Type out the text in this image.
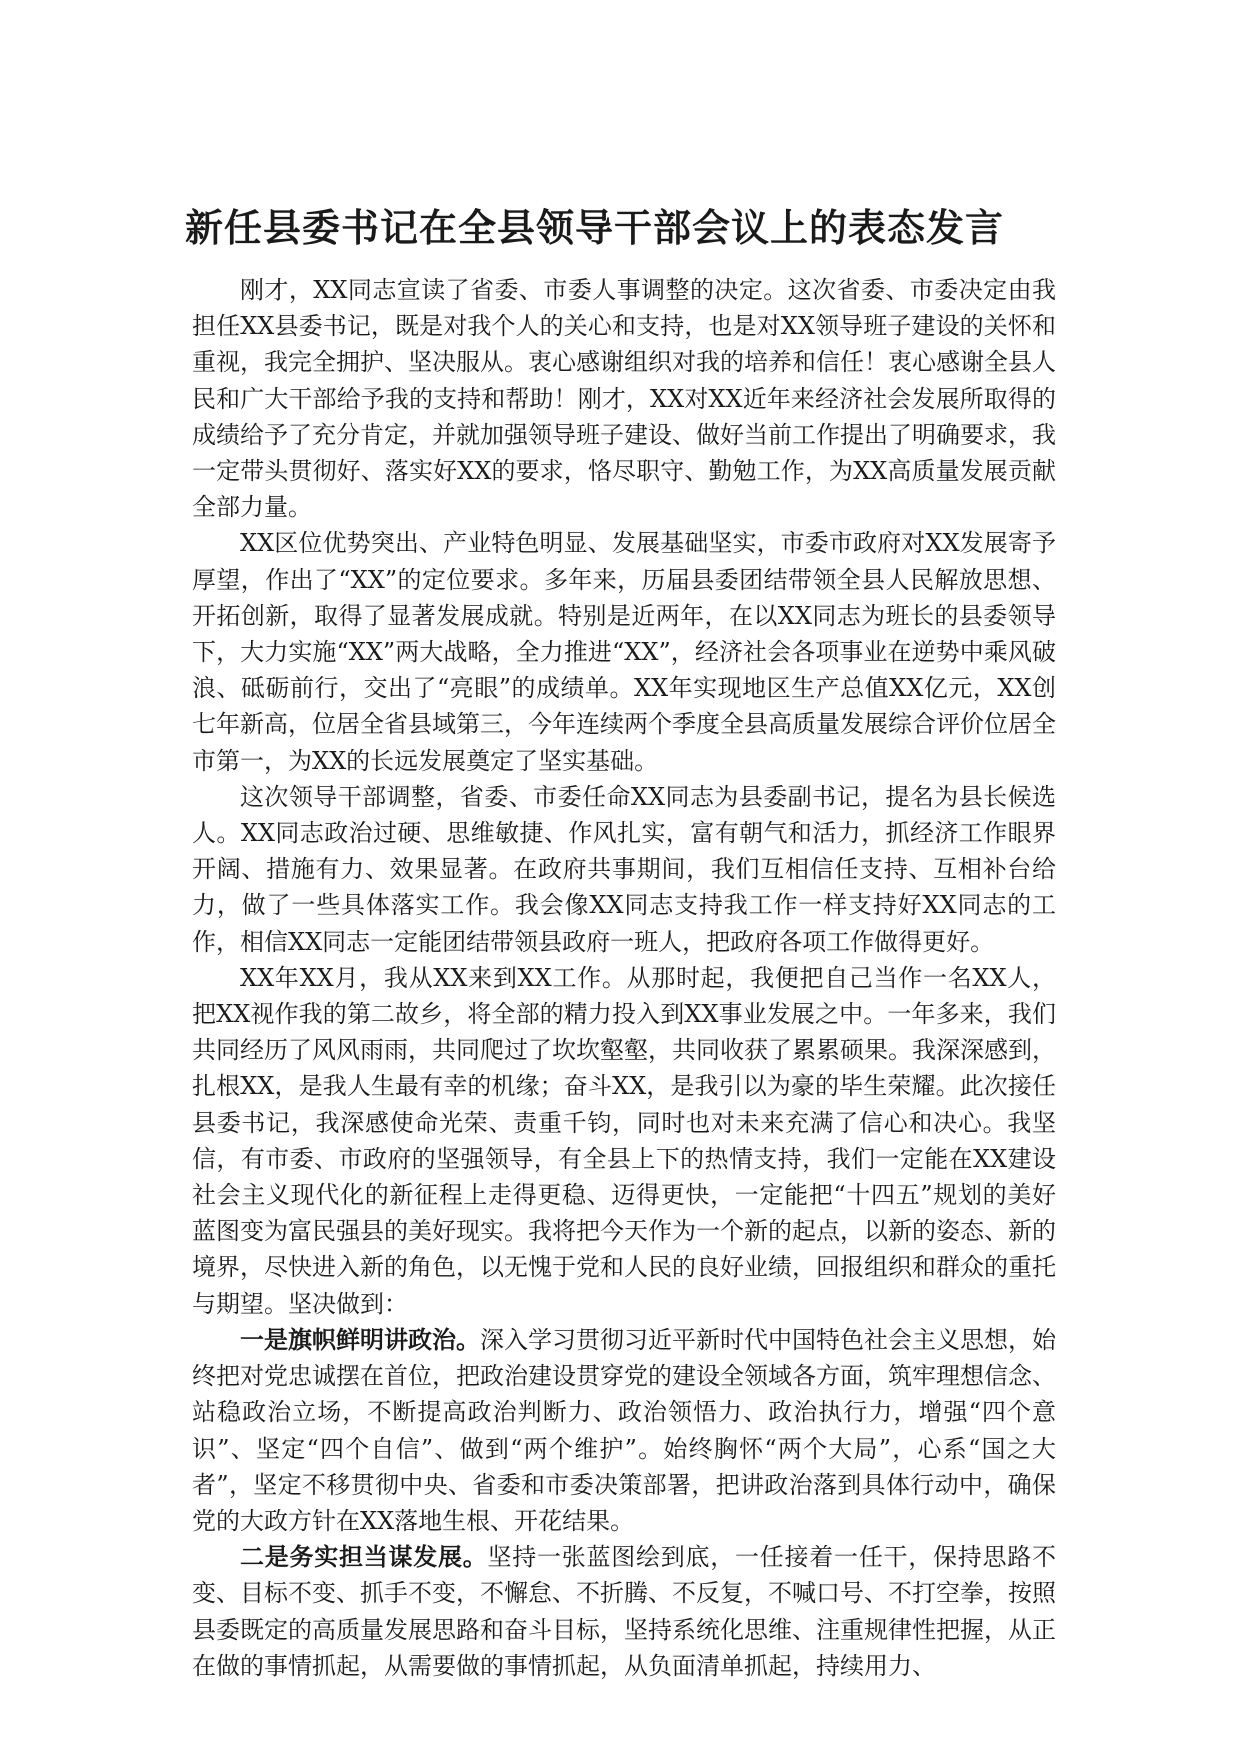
新任县委书记在全县领导干部会议上的表态发言

刚才，XX同志宣读了省委、市委人事调整的决定。这次省委、市委决定由我担任XX县委书记，既是对我个人的关心和支持，也是对XX领导班子建设的关怀和重视，我完全拥护、坚决服从。衷心感谢组织对我的培养和信任！衷心感谢全县人民和广大干部给予我的支持和帮助！刚才，XX对XX近年来经济社会发展所取得的成绩给予了充分肯定，并就加强领导班子建设、做好当前工作提出了明确要求，我一定带头贯彻好、落实好XX的要求，恪尽职守、勤勉工作，为XX高质量发展贡献全部力量。

XX区位优势突出、产业特色明显、发展基础坚实，市委市政府对XX发展寄予厚望，作出了“XX”的定位要求。多年来，历届县委团结带领全县人民解放思想、开拓创新，取得了显著发展成就。特别是近两年，在以XX同志为班长的县委领导下，大力实施“XX”两大战略，全力推进“XX”，经济社会各项事业在逆势中乘风破浪、砥砺前行，交出了“亮眼”的成绩单。XX年实现地区生产总值XX亿元，XX创七年新高，位居全省县域第三，今年连续两个季度全县高质量发展综合评价位居全市第一，为XX的长远发展奠定了坚实基础。

这次领导干部调整，省委、市委任命XX同志为县委副书记，提名为县长候选人。XX同志政治过硬、思维敏捷、作风扎实，富有朝气和活力，抓经济工作眼界开阔、措施有力、效果显著。在政府共事期间，我们互相信任支持、互相补台给力，做了一些具体落实工作。我会像XX同志支持我工作一样支持好XX同志的工作，相信XX同志一定能团结带领县政府一班人，把政府各项工作做得更好。

XX年XX月，我从XX来到XX工作。从那时起，我便把自己当作一名XX人，把XX视作我的第二故乡，将全部的精力投入到XX事业发展之中。一年多来，我们共同经历了风风雨雨，共同爬过了坎坎壑壑，共同收获了累累硕果。我深深感到，扎根XX，是我人生最有幸的机缘；奋斗XX，是我引以为豪的毕生荣耀。此次接任县委书记，我深感使命光荣、责重千钧，同时也对未来充满了信心和决心。我坚信，有市委、市政府的坚强领导，有全县上下的热情支持，我们一定能在XX建设社会主义现代化的新征程上走得更稳、迈得更快，一定能把“十四五”规划的美好蓝图变为富民强县的美好现实。我将把今天作为一个新的起点，以新的姿态、新的境界，尽快进入新的角色，以无愧于党和人民的良好业绩，回报组织和群众的重托与期望。坚决做到：

一是旗帜鲜明讲政治。深入学习贯彻习近平新时代中国特色社会主义思想，始终把对党忠诚摆在首位，把政治建设贯穿党的建设全领域各方面，筑牢理想信念、站稳政治立场，不断提高政治判断力、政治领悟力、政治执行力，增强“四个意识”、坚定“四个自信”、做到“两个维护”。始终胸怀“两个大局”，心系“国之大者”，坚定不移贯彻中央、省委和市委决策部署，把讲政治落到具体行动中，确保党的大政方针在XX落地生根、开花结果。

二是务实担当谋发展。坚持一张蓝图绘到底，一任接着一任干，保持思路不变、目标不变、抓手不变，不懈怠、不折腾、不反复，不喊口号、不打空拳，按照县委既定的高质量发展思路和奋斗目标，坚持系统化思维、注重规律性把握，从正在做的事情抓起，从需要做的事情抓起，从负面清单抓起，持续用力、
